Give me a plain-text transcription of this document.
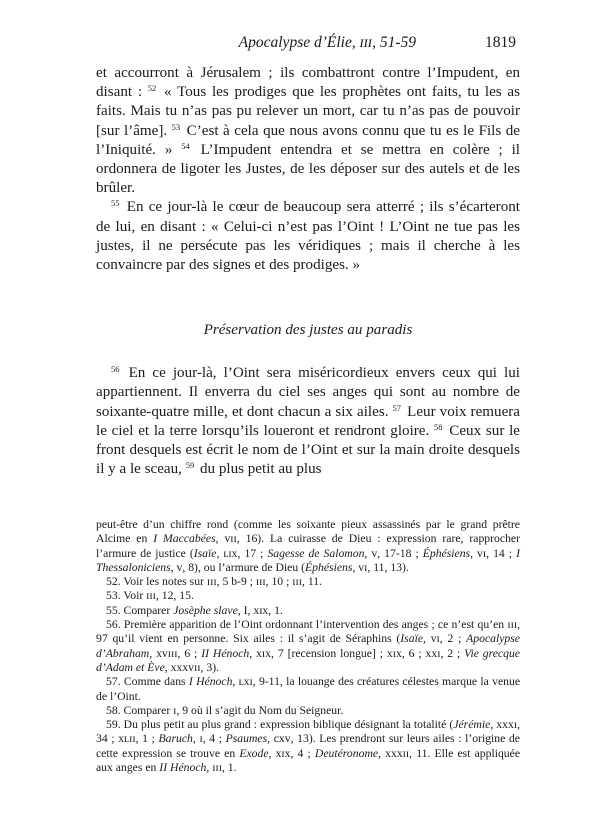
Apocalypse d’Élie, ɪɪɪ, 51-59	1819

et accourront à Jérusalem ; ils combattront contre l’Impudent, en disant : $^{52}$ « Tous les prodiges que les prophètes ont faits, tu les as faits. Mais tu n’as pas pu relever un mort, car tu n’as pas de pouvoir [sur l’âme]. $^{53}$ C’est à cela que nous avons connu que tu es le Fils de l’Iniquité. » $^{54}$ L’Impudent entendra et se mettra en colère ; il ordonnera de ligoter les Justes, de les déposer sur des autels et de les brûler.

$^{55}$ En ce jour-là le cœur de beaucoup sera atterré ; ils s’écarteront de lui, en disant : « Celui-ci n’est pas l’Oint ! L’Oint ne tue pas les justes, il ne persécute pas les véridiques ; mais il cherche à les convaincre par des signes et des prodiges. »

Préservation des justes au paradis

$^{56}$ En ce jour-là, l’Oint sera miséricordieux envers ceux qui lui appartiennent. Il enverra du ciel ses anges qui sont au nombre de soixante-quatre mille, et dont chacun a six ailes. $^{57}$ Leur voix remuera le ciel et la terre lorsqu’ils loueront et rendront gloire. $^{58}$ Ceux sur le front desquels est écrit le nom de l’Oint et sur la main droite desquels il y a le sceau, $^{59}$ du plus petit au plus

peut-être d’un chiffre rond (comme les soixante pieux assassinés par le grand prêtre Alcime en I Maccabées, ᴠɪɪ, 16). La cuirasse de Dieu : expression rare, rapprocher l’armure de justice (Isaïe, ʟɪx, 17 ; Sagesse de Salomon, ᴠ, 17-18 ; Éphésiens, ᴠɪ, 14 ; I Thessaloniciens, ᴠ, 8), ou l’armure de Dieu (Éphésiens, ᴠɪ, 11, 13).

52. Voir les notes sur ɪɪɪ, 5 b-9 ; ɪɪɪ, 10 ; ɪɪɪ, 11.

53. Voir ɪɪɪ, 12, 15.

55. Comparer Josèphe slave, I, xɪx, 1.

56. Première apparition de l’Oint ordonnant l’intervention des anges ; ce n’est qu’en ɪɪɪ, 97 qu’il vient en personne. Six ailes : il s’agit de Séraphins (Isaïe, ᴠɪ, 2 ; Apocalypse d’Abraham, xᴠɪɪɪ, 6 ; II Hénoch, xɪx, 7 [recension longue] ; xɪx, 6 ; xxɪ, 2 ; Vie grecque d’Adam et Ève, xxxᴠɪɪ, 3).

57. Comme dans I Hénoch, ʟxɪ, 9-11, la louange des créatures célestes marque la venue de l’Oint.

58. Comparer ɪ, 9 où il s’agit du Nom du Seigneur.

59. Du plus petit au plus grand : expression biblique désignant la totalité (Jérémie, xxxɪ, 34 ; xʟɪɪ, 1 ; Baruch, ɪ, 4 ; Psaumes, cxᴠ, 13). Les prendront sur leurs ailes : l’origine de cette expression se trouve en Exode, xɪx, 4 ; Deutéronome, xxxɪɪ, 11. Elle est appliquée aux anges en II Hénoch, ɪɪɪ, 1.
